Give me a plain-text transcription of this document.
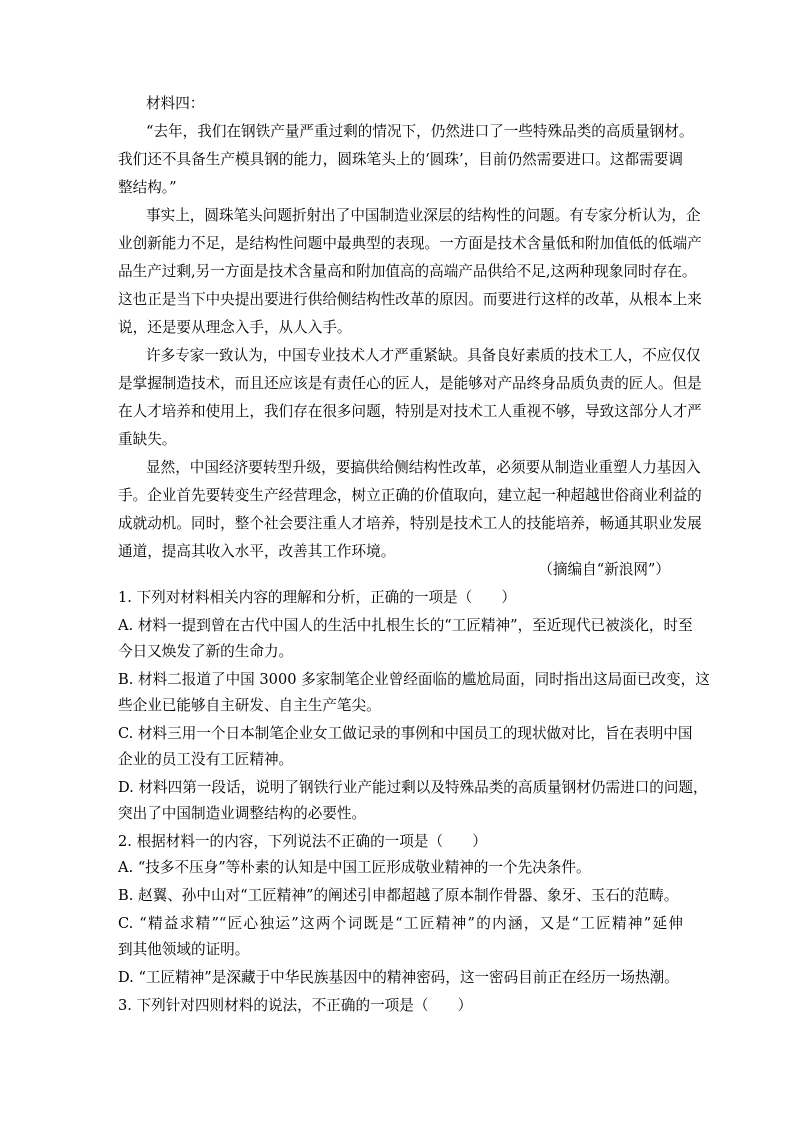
材料四：
“去年，我们在钢铁产量严重过剩的情况下，仍然进口了一些特殊品类的高质量钢材。
我们还不具备生产模具钢的能力，圆珠笔头上的‘圆珠’，目前仍然需要进口。这都需要调
整结构。”
事实上，圆珠笔头问题折射出了中国制造业深层的结构性的问题。有专家分析认为，企
业创新能力不足，是结构性问题中最典型的表现。一方面是技术含量低和附加值低的低端产
品生产过剩,另一方面是技术含量高和附加值高的高端产品供给不足,这两种现象同时存在。
这也正是当下中央提出要进行供给侧结构性改革的原因。而要进行这样的改革，从根本上来
说，还是要从理念入手，从人入手。
许多专家一致认为，中国专业技术人才严重紧缺。具备良好素质的技术工人，不应仅仅
是掌握制造技术，而且还应该是有责任心的匠人，是能够对产品终身品质负责的匠人。但是
在人才培养和使用上，我们存在很多问题，特别是对技术工人重视不够，导致这部分人才严
重缺失。
显然，中国经济要转型升级，要搞供给侧结构性改革，必须要从制造业重塑人力基因入
手。企业首先要转变生产经营理念，树立正确的价值取向，建立起一种超越世俗商业利益的
成就动机。同时，整个社会要注重人才培养，特别是技术工人的技能培养，畅通其职业发展
通道，提高其收入水平，改善其工作环境。
（摘编自“新浪网”）
1. 下列对材料相关内容的理解和分析，正确的一项是（　　）
A. 材料一提到曾在古代中国人的生活中扎根生长的“工匠精神”，至近现代已被淡化，时至
今日又焕发了新的生命力。
B. 材料二报道了中国 3000 多家制笔企业曾经面临的尴尬局面，同时指出这局面已改变，这
些企业已能够自主研发、自主生产笔尖。
C. 材料三用一个日本制笔企业女工做记录的事例和中国员工的现状做对比，旨在表明中国
企业的员工没有工匠精神。
D. 材料四第一段话，说明了钢铁行业产能过剩以及特殊品类的高质量钢材仍需进口的问题，
突出了中国制造业调整结构的必要性。
2. 根据材料一的内容，下列说法不正确的一项是（　　）
A. “技多不压身”等朴素的认知是中国工匠形成敬业精神的一个先决条件。
B. 赵翼、孙中山对“工匠精神”的阐述引申都超越了原本制作骨器、象牙、玉石的范畴。
C. “精益求精”“匠心独运”这两个词既是“工匠精神”的内涵，又是“工匠精神”延伸
到其他领域的证明。
D. “工匠精神”是深藏于中华民族基因中的精神密码，这一密码目前正在经历一场热潮。
3. 下列针对四则材料的说法，不正确的一项是（　　）
